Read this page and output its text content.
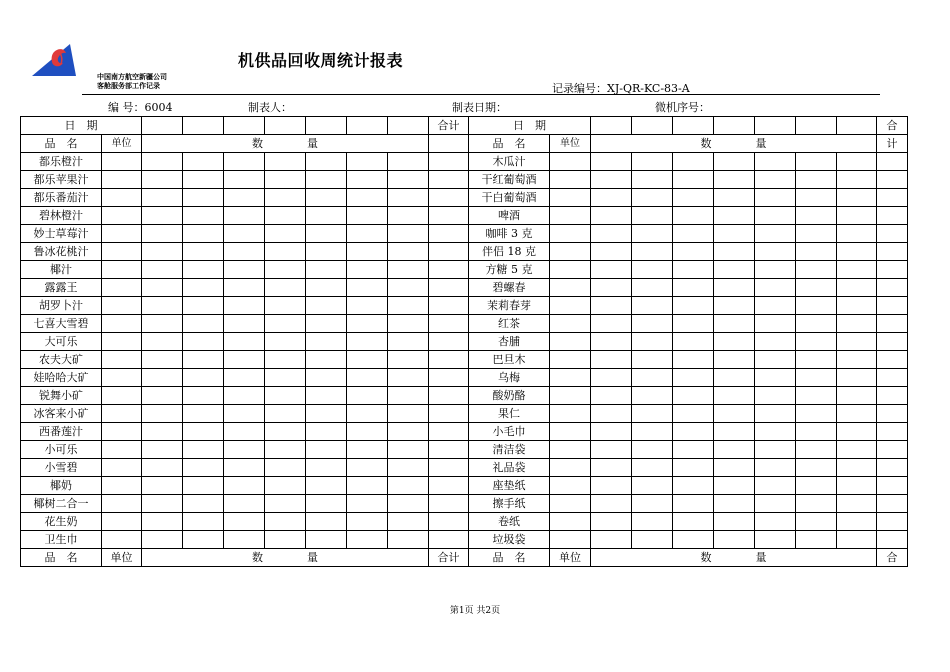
中国南方航空新疆公司
客舱服务部工作记录
机供品回收周统计报表
记录编号：XJ-QR-KC-83-A
编 号：6004	制表人：	制表日期：	微机序号：
日　期									合计	日　期									合
品　名	单位	数　　　　量								品　名	单位	数　　　　量							计
都乐橙汁										木瓜汁									
都乐苹果汁										干红葡萄酒									
都乐番茄汁										干白葡萄酒									
碧林橙汁										啤酒									
妙士草莓汁										咖啡 3 克									
鲁冰花桃汁										伴侣 18 克									
椰汁										方糖 5 克									
露露王										碧螺春									
胡罗卜汁										茉莉春芽									
七喜大雪碧										红茶									
大可乐										杏脯									
农夫大矿										巴旦木									
娃哈哈大矿										乌梅									
锐舞小矿										酸奶酪									
冰客来小矿										果仁									
西番莲汁										小毛巾									
小可乐										清洁袋									
小雪碧										礼品袋									
椰奶										座垫纸									
椰树二合一										擦手纸									
花生奶										卷纸									
卫生巾										垃圾袋									
品　名	单位	数　　　　量							合计	品　名	单位	数　　　　量							合
第1页 共2页
